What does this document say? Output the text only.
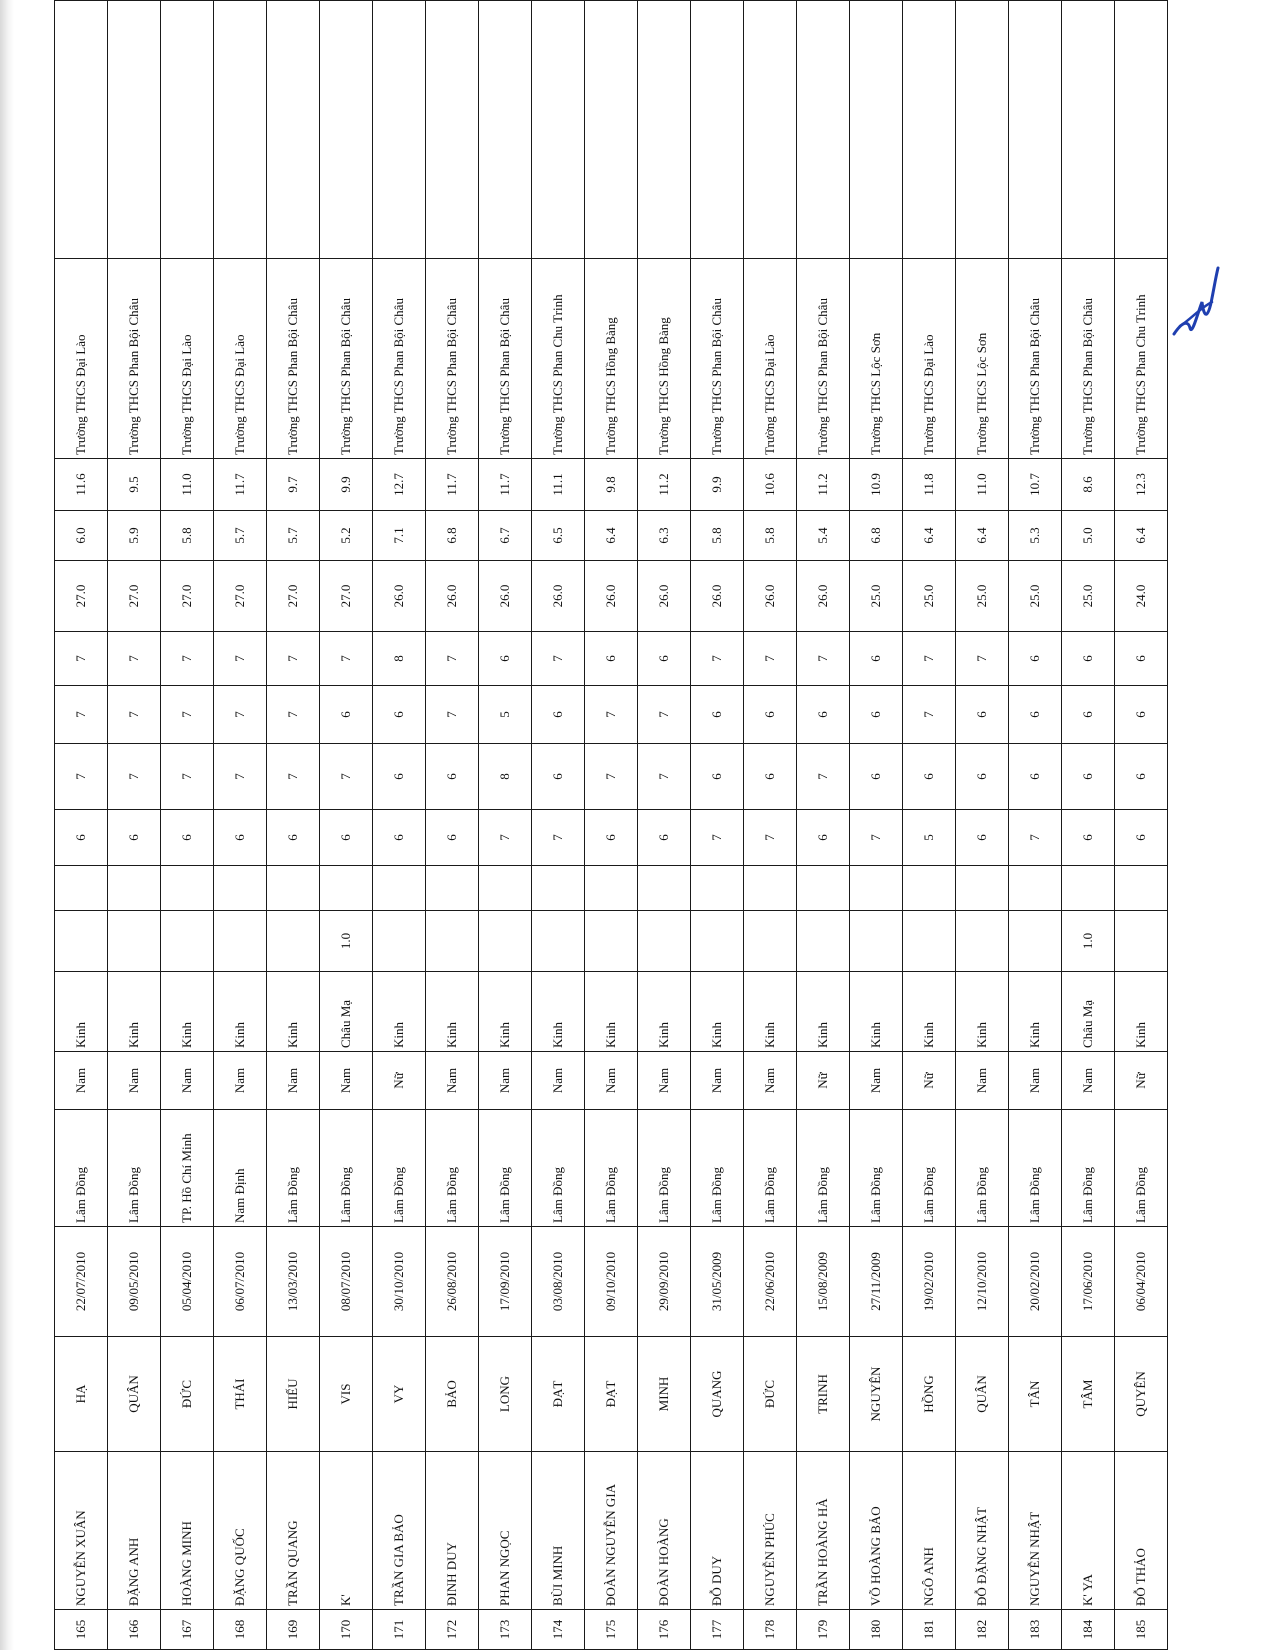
165	NGUYỄN XUÂN	HẠ	22/07/2010	Lâm Đồng	Nam	Kinh			6	7	7	7	27.0	6.0	11.6	Trường THCS Đại Lào		
166	ĐẶNG ANH	QUÂN	09/05/2010	Lâm Đồng	Nam	Kinh			6	7	7	7	27.0	5.9	9.5	Trường THCS Phan Bội Châu		
167	HOÀNG MINH	ĐỨC	05/04/2010	TP. Hồ Chí Minh	Nam	Kinh			6	7	7	7	27.0	5.8	11.0	Trường THCS Đại Lào		
168	ĐẶNG QUỐC	THÁI	06/07/2010	Nam Định	Nam	Kinh			6	7	7	7	27.0	5.7	11.7	Trường THCS Đại Lào		
169	TRẦN QUANG	HIẾU	13/03/2010	Lâm Đồng	Nam	Kinh			6	7	7	7	27.0	5.7	9.7	Trường THCS Phan Bội Châu		
170	K'	VIS	08/07/2010	Lâm Đồng	Nam	Châu Mạ	1.0		6	7	6	7	27.0	5.2	9.9	Trường THCS Phan Bội Châu		
171	TRẦN GIA BẢO	VY	30/10/2010	Lâm Đồng	Nữ	Kinh			6	6	6	8	26.0	7.1	12.7	Trường THCS Phan Bội Châu		
172	ĐINH DUY	BẢO	26/08/2010	Lâm Đồng	Nam	Kinh			6	6	7	7	26.0	6.8	11.7	Trường THCS Phan Bội Châu		
173	PHAN NGỌC	LONG	17/09/2010	Lâm Đồng	Nam	Kinh			7	8	5	6	26.0	6.7	11.7	Trường THCS Phan Bội Châu		
174	BÙI MINH	ĐẠT	03/08/2010	Lâm Đồng	Nam	Kinh			7	6	6	7	26.0	6.5	11.1	Trường THCS Phan Chu Trinh		
175	ĐOÀN NGUYỄN GIA	ĐẠT	09/10/2010	Lâm Đồng	Nam	Kinh			6	7	7	6	26.0	6.4	9.8	Trường THCS Hồng Bàng		
176	ĐOÀN HOÀNG	MINH	29/09/2010	Lâm Đồng	Nam	Kinh			6	7	7	6	26.0	6.3	11.2	Trường THCS Hồng Bàng		
177	ĐỖ DUY	QUANG	31/05/2009	Lâm Đồng	Nam	Kinh			7	6	6	7	26.0	5.8	9.9	Trường THCS Phan Bội Châu		
178	NGUYỄN PHÚC	ĐỨC	22/06/2010	Lâm Đồng	Nam	Kinh			7	6	6	7	26.0	5.8	10.6	Trường THCS Đại Lào		
179	TRẦN HOÀNG HÀ	TRINH	15/08/2009	Lâm Đồng	Nữ	Kinh			6	7	6	7	26.0	5.4	11.2	Trường THCS Phan Bội Châu		
180	VÕ HOÀNG BẢO	NGUYÊN	27/11/2009	Lâm Đồng	Nam	Kinh			7	6	6	6	25.0	6.8	10.9	Trường THCS Lộc Sơn		
181	NGÔ ANH	HỒNG	19/02/2010	Lâm Đồng	Nữ	Kinh			5	6	7	7	25.0	6.4	11.8	Trường THCS Đại Lào		
182	ĐỖ ĐẶNG NHẬT	QUÂN	12/10/2010	Lâm Đồng	Nam	Kinh			6	6	6	7	25.0	6.4	11.0	Trường THCS Lộc Sơn		
183	NGUYỄN NHẬT	TÂN	20/02/2010	Lâm Đồng	Nam	Kinh			7	6	6	6	25.0	5.3	10.7	Trường THCS Phan Bội Châu		
184	K' YA	TÂM	17/06/2010	Lâm Đồng	Nam	Châu Mạ	1.0		6	6	6	6	25.0	5.0	8.6	Trường THCS Phan Bội Châu		
185	ĐỖ THẢO	QUYÊN	06/04/2010	Lâm Đồng	Nữ	Kinh			6	6	6	6	24.0	6.4	12.3	Trường THCS Phan Chu Trinh		
